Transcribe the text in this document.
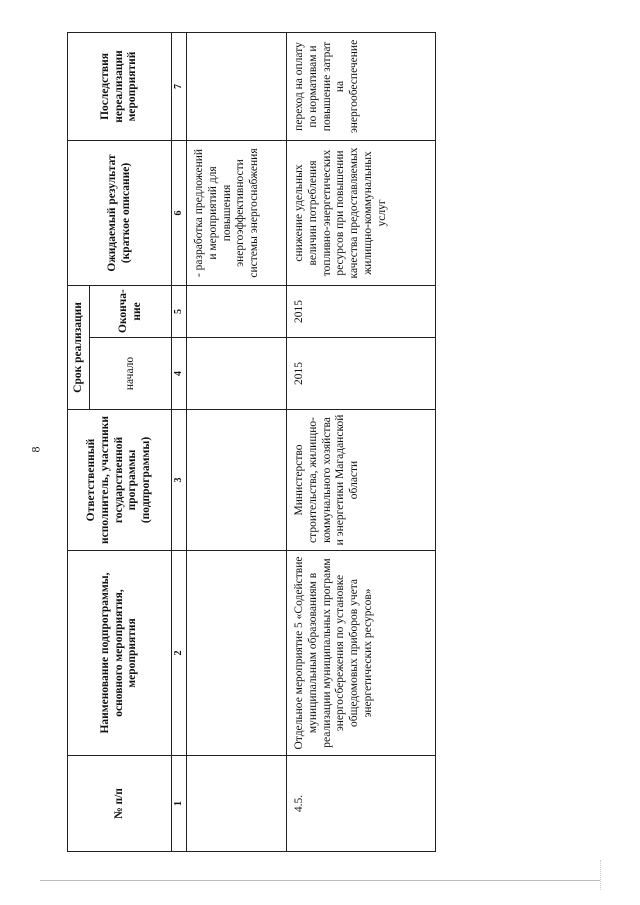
8
№ п/п	Наименование подпрограммы, основного мероприятия, мероприятия	Ответственный исполнитель, участники государственной программы (подпрограммы)	Срок реализации		Ожидаемый результат (краткое описание)	Последствия нереализации мероприятий
			начало	Оконча-ние		
1	2	3	4	5	6	7
					- разработка предложений и мероприятий для повышения энергоэффективности системы энергоснабжения	
4.5.	Отдельное мероприятие 5 «Содействие муниципальным образованиям в реализации муниципальных программ энергосбережения по установке общедомовых приборов учета энергетических ресурсов»	Министерство строительства, жилищно-коммунального хозяйства и энергетики Магаданской области	2015	2015	снижение удельных величин потребления топливно-энергетических ресурсов при повышении качества предоставляемых жилищно-коммунальных услуг	переход на оплату по нормативам и повышение затрат на энергообеспечение
